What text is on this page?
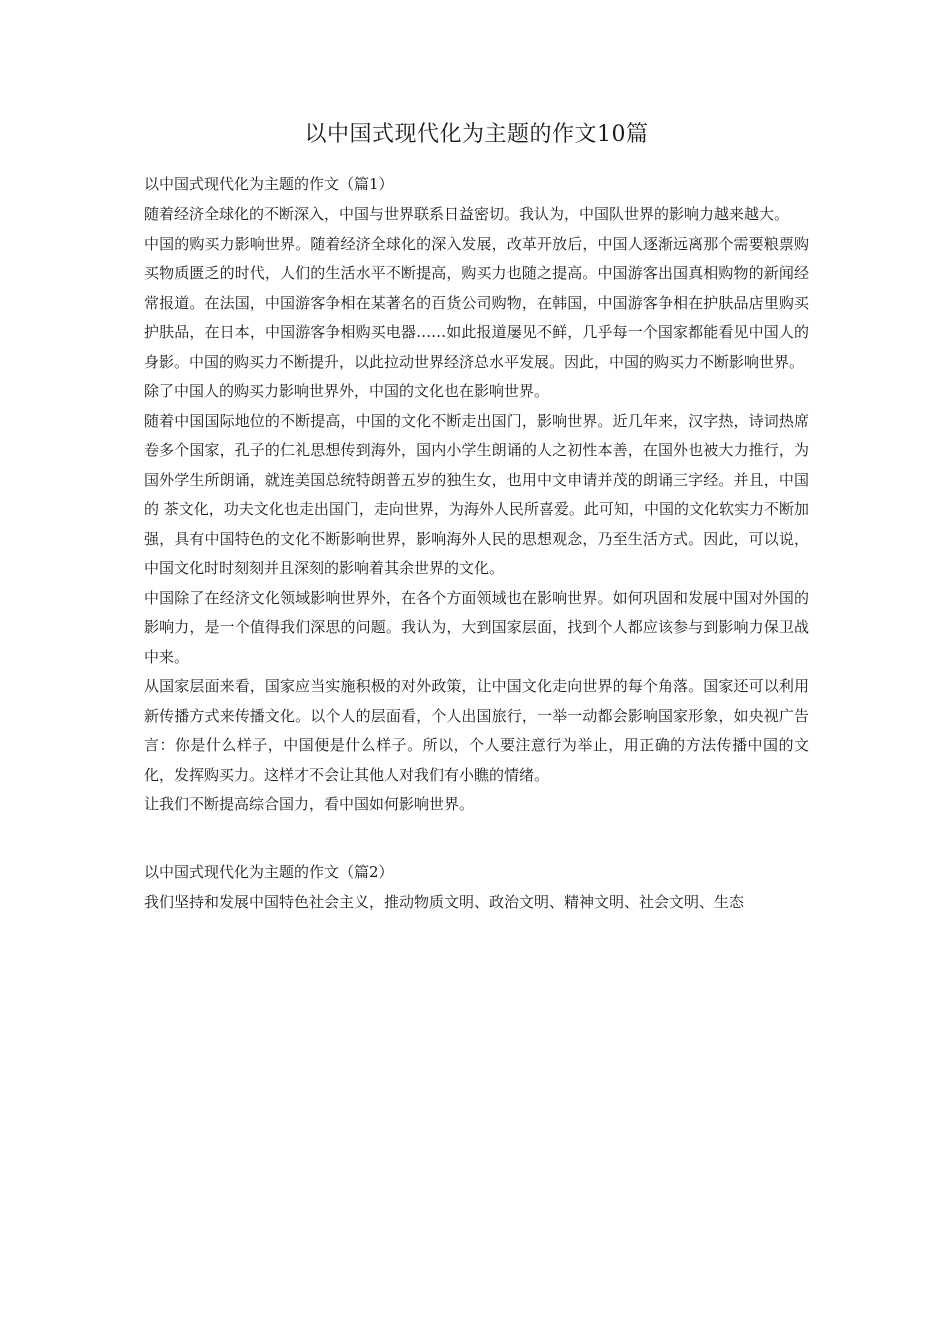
以中国式现代化为主题的作文10篇
以中国式现代化为主题的作文（篇1）

随着经济全球化的不断深入，中国与世界联系日益密切。我认为，中国队世界的影响力越来越大。

中国的购买力影响世界。随着经济全球化的深入发展，改革开放后，中国人逐渐远离那个需要粮票购买物质匮乏的时代，人们的生活水平不断提高，购买力也随之提高。中国游客出国真相购物的新闻经常报道。在法国，中国游客争相在某著名的百货公司购物，在韩国，中国游客争相在护肤品店里购买护肤品，在日本，中国游客争相购买电器……如此报道屡见不鲜，几乎每一个国家都能看见中国人的身影。中国的购买力不断提升，以此拉动世界经济总水平发展。因此，中国的购买力不断影响世界。

除了中国人的购买力影响世界外，中国的文化也在影响世界。

随着中国国际地位的不断提高，中国的文化不断走出国门，影响世界。近几年来，汉字热，诗词热席卷多个国家，孔子的仁礼思想传到海外，国内小学生朗诵的人之初性本善，在国外也被大力推行，为国外学生所朗诵，就连美国总统特朗普五岁的独生女，也用中文申请并茂的朗诵三字经。并且，中国的 茶文化，功夫文化也走出国门，走向世界，为海外人民所喜爱。此可知，中国的文化软实力不断加强，具有中国特色的文化不断影响世界，影响海外人民的思想观念，乃至生活方式。因此，可以说，中国文化时时刻刻并且深刻的影响着其余世界的文化。

中国除了在经济文化领域影响世界外，在各个方面领域也在影响世界。如何巩固和发展中国对外国的影响力，是一个值得我们深思的问题。我认为，大到国家层面，找到个人都应该参与到影响力保卫战中来。

从国家层面来看，国家应当实施积极的对外政策，让中国文化走向世界的每个角落。国家还可以利用新传播方式来传播文化。以个人的层面看，个人出国旅行，一举一动都会影响国家形象，如央视广告言：你是什么样子，中国便是什么样子。所以，个人要注意行为举止，用正确的方法传播中国的文化，发挥购买力。这样才不会让其他人对我们有小瞧的情绪。

让我们不断提高综合国力，看中国如何影响世界。

以中国式现代化为主题的作文（篇2）

我们坚持和发展中国特色社会主义，推动物质文明、政治文明、精神文明、社会文明、生态
